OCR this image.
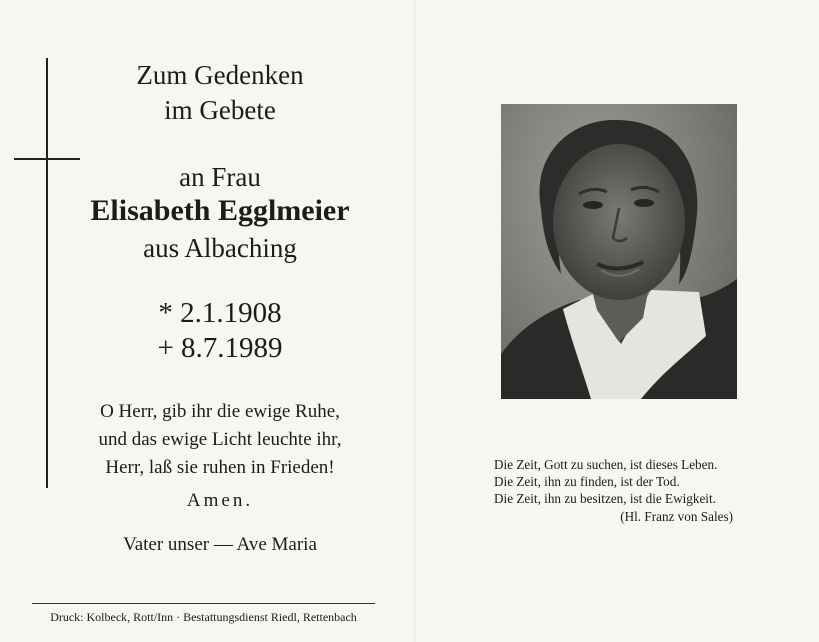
Zum Gedenken
im Gebete
an Frau
Elisabeth Egglmeier
aus Albaching
* 2.1.1908
+ 8.7.1989
O Herr, gib ihr die ewige Ruhe,
und das ewige Licht leuchte ihr,
Herr, laß sie ruhen in Frieden!
Amen.
Vater unser — Ave Maria
Druck: Kolbeck, Rott/Inn · Bestattungsdienst Riedl, Rettenbach
Die Zeit, Gott zu suchen, ist dieses Leben.
Die Zeit, ihn zu finden, ist der Tod.
Die Zeit, ihn zu besitzen, ist die Ewigkeit.
(Hl. Franz von Sales)
